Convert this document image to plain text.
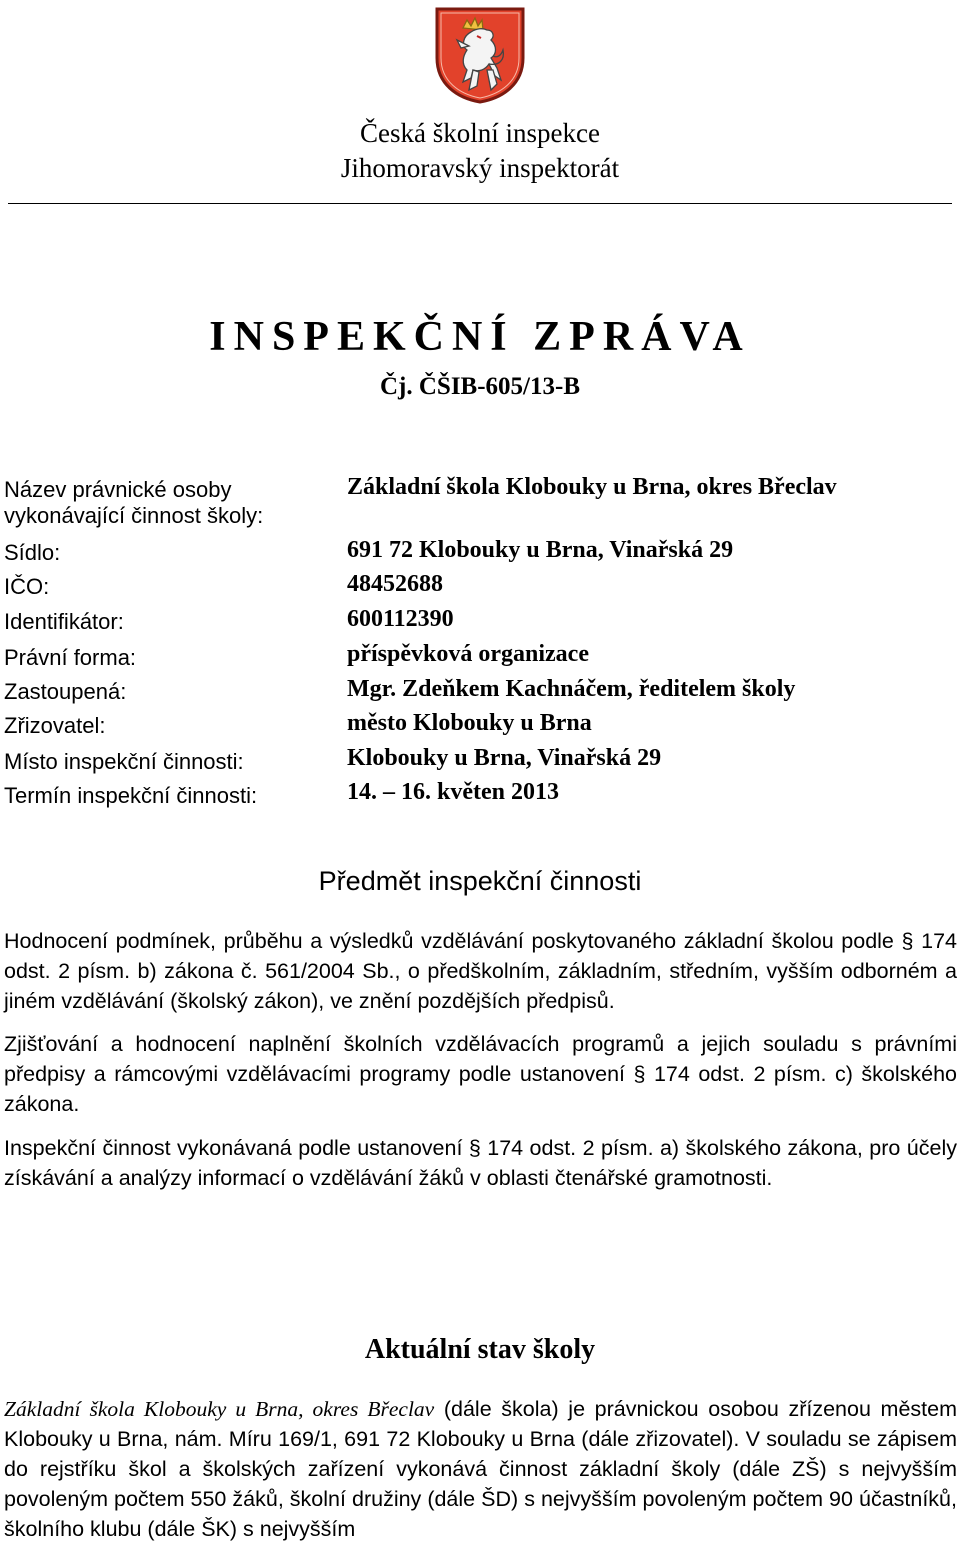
Česká školní inspekce
Jihomoravský inspektorát
INSPEKČNÍ ZPRÁVA
Čj. ČŠIB-605/13-B
Název právnické osoby
vykonávající činnost školy:
Základní škola Klobouky u Brna, okres Břeclav
Sídlo:	691 72 Klobouky u Brna, Vinařská 29
IČO:	48452688
Identifikátor:	600112390
Právní forma:	příspěvková organizace
Zastoupená:	Mgr. Zdeňkem Kachnáčem, ředitelem školy
Zřizovatel:	město Klobouky u Brna
Místo inspekční činnosti:	Klobouky u Brna, Vinařská 29
Termín inspekční činnosti:	14. – 16. květen 2013
Předmět inspekční činnosti

Hodnocení podmínek, průběhu a výsledků vzdělávání poskytovaného základní školou podle § 174 odst. 2 písm. b) zákona č. 561/2004 Sb., o předškolním, základním, středním, vyšším odborném a jiném vzdělávání (školský zákon), ve znění pozdějších předpisů.

Zjišťování a hodnocení naplnění školních vzdělávacích programů a jejich souladu s právními předpisy a rámcovými vzdělávacími programy podle ustanovení § 174 odst. 2 písm. c) školského zákona.

Inspekční činnost vykonávaná podle ustanovení § 174 odst. 2 písm. a) školského zákona, pro účely získávání a analýzy informací o vzdělávání žáků v oblasti čtenářské gramotnosti.

Aktuální stav školy

Základní škola Klobouky u Brna, okres Břeclav (dále škola) je právnickou osobou zřízenou městem Klobouky u Brna, nám. Míru 169/1, 691 72 Klobouky u Brna (dále zřizovatel). V souladu se zápisem do rejstříku škol a školských zařízení vykonává činnost základní školy (dále ZŠ) s nejvyšším povoleným počtem 550 žáků, školní družiny (dále ŠD) s nejvyšším povoleným počtem 90 účastníků, školního klubu (dále ŠK) s nejvyšším
